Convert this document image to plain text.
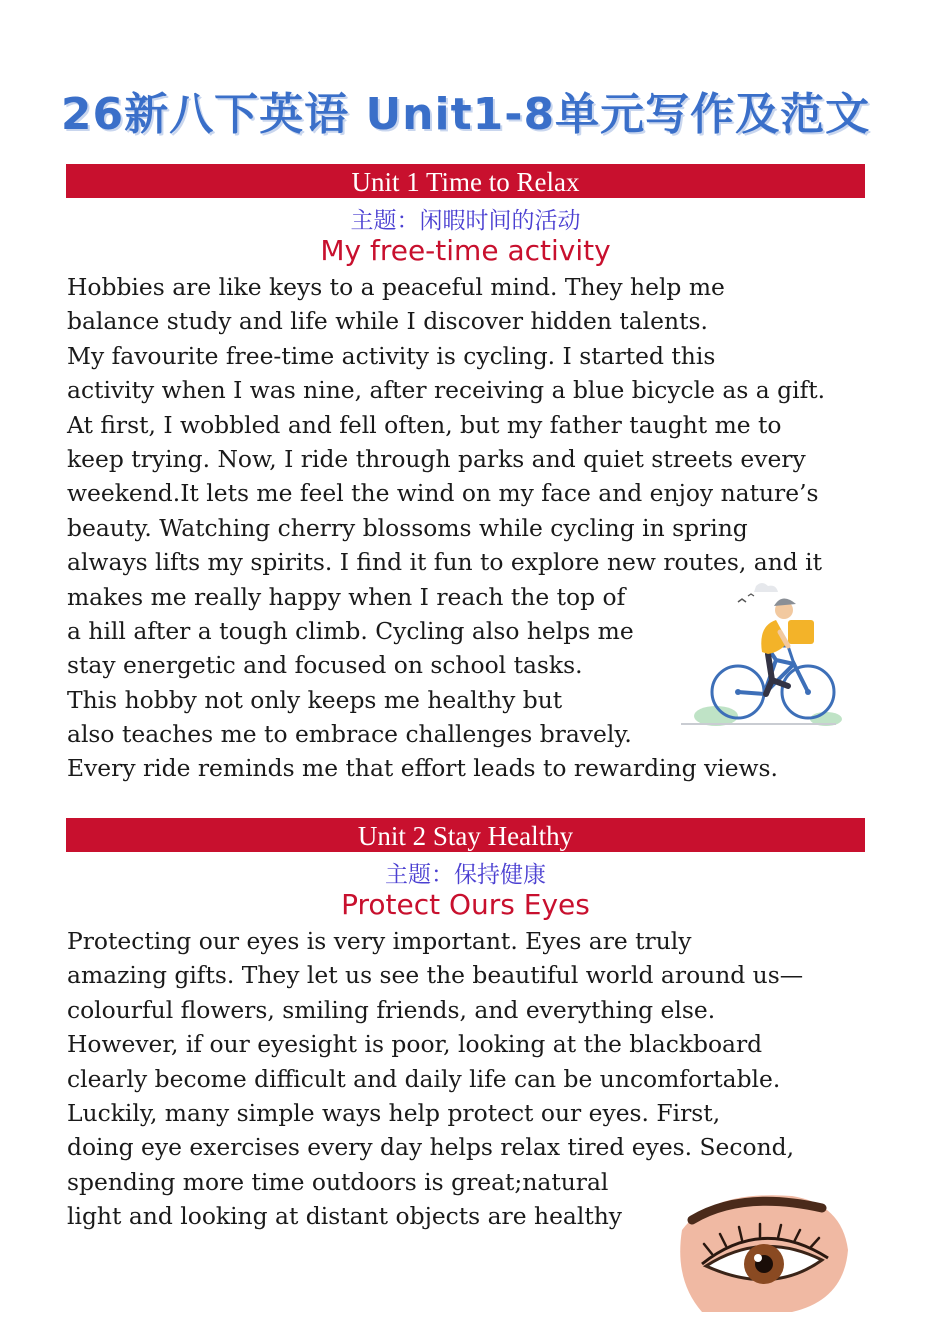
26新八下英语 Unit1-8单元写作及范文
Unit 1 Time to Relax
主题：闲暇时间的活动
My free-time activity
Hobbies are like keys to a peaceful mind. They help me
balance study and life while I discover hidden talents.
My favourite free-time activity is cycling. I started this
activity when I was nine, after receiving a blue bicycle as a gift.
At first, I wobbled and fell often, but my father taught me to
keep trying. Now, I ride through parks and quiet streets every
weekend.It lets me feel the wind on my face and enjoy nature’s
beauty. Watching cherry blossoms while cycling in spring
always lifts my spirits. I find it fun to explore new routes, and it
makes me really happy when I reach the top of
a hill after a tough climb. Cycling also helps me
stay energetic and focused on school tasks.
This hobby not only keeps me healthy but
also teaches me to embrace challenges bravely.
Every ride reminds me that effort leads to rewarding views.
Unit 2 Stay Healthy
主题：保持健康
Protect Ours Eyes
Protecting our eyes is very important. Eyes are truly
amazing gifts. They let us see the beautiful world around us—
colourful flowers, smiling friends, and everything else.
However, if our eyesight is poor, looking at the blackboard
clearly become difficult and daily life can be uncomfortable.
Luckily, many simple ways help protect our eyes. First,
doing eye exercises every day helps relax tired eyes. Second,
spending more time outdoors is great;natural
light and looking at distant objects are healthy
